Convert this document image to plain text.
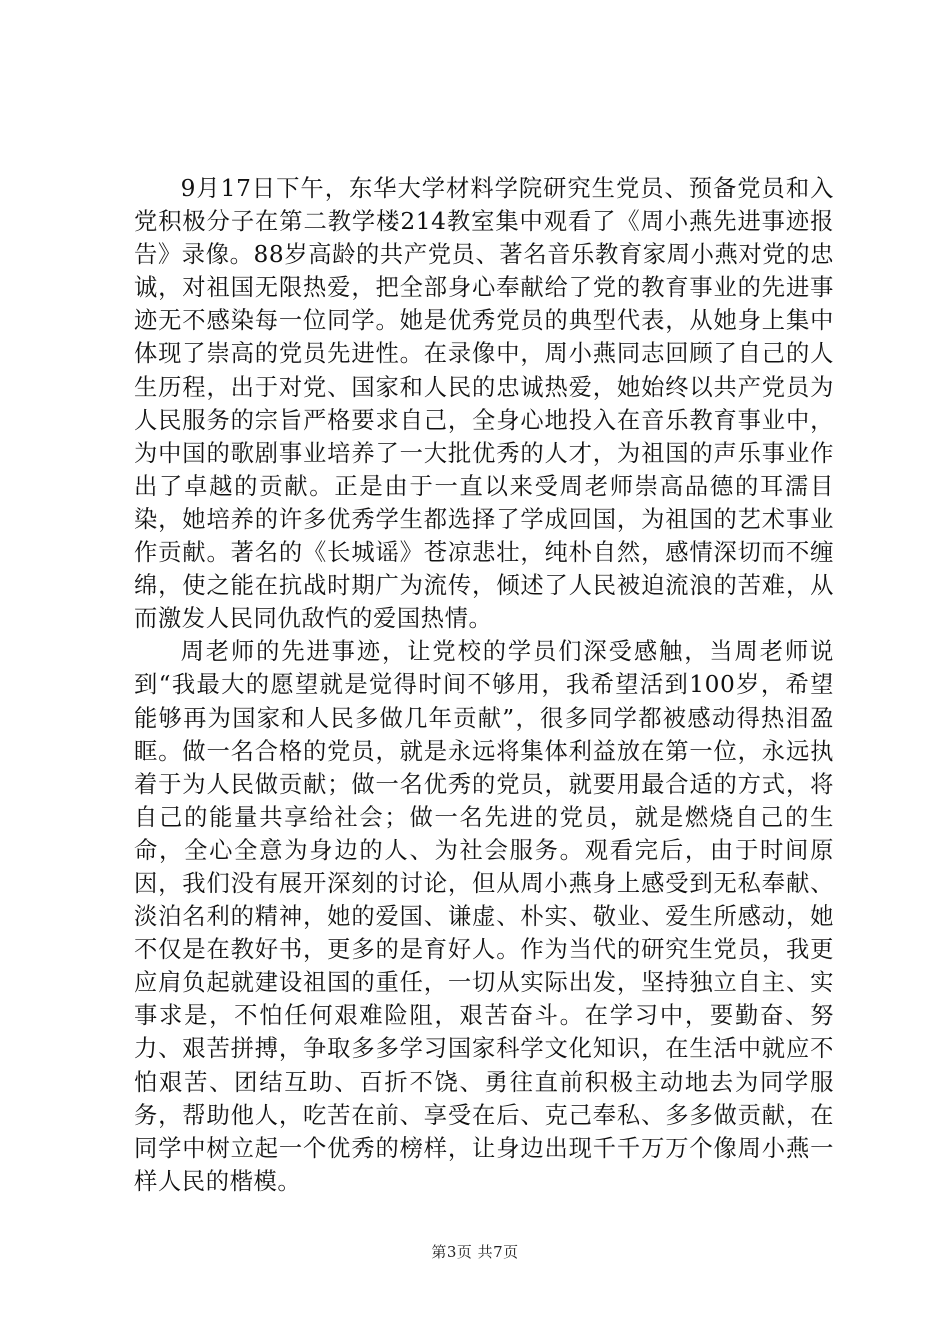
9月17日下午，东华大学材料学院研究生党员、预备党员和入党积极分子在第二教学楼214教室集中观看了《周小燕先进事迹报告》录像。88岁高龄的共产党员、著名音乐教育家周小燕对党的忠诚，对祖国无限热爱，把全部身心奉献给了党的教育事业的先进事迹无不感染每一位同学。她是优秀党员的典型代表，从她身上集中体现了崇高的党员先进性。在录像中，周小燕同志回顾了自己的人生历程，出于对党、国家和人民的忠诚热爱，她始终以共产党员为人民服务的宗旨严格要求自己，全身心地投入在音乐教育事业中，为中国的歌剧事业培养了一大批优秀的人才，为祖国的声乐事业作出了卓越的贡献。正是由于一直以来受周老师崇高品德的耳濡目染，她培养的许多优秀学生都选择了学成回国，为祖国的艺术事业作贡献。著名的《长城谣》苍凉悲壮，纯朴自然，感情深切而不缠绵，使之能在抗战时期广为流传，倾述了人民被迫流浪的苦难，从而激发人民同仇敌忾的爱国热情。

周老师的先进事迹，让党校的学员们深受感触，当周老师说到“我最大的愿望就是觉得时间不够用，我希望活到100岁，希望能够再为国家和人民多做几年贡献”，很多同学都被感动得热泪盈眶。做一名合格的党员，就是永远将集体利益放在第一位，永远执着于为人民做贡献；做一名优秀的党员，就要用最合适的方式，将自己的能量共享给社会；做一名先进的党员，就是燃烧自己的生命，全心全意为身边的人、为社会服务。观看完后，由于时间原因，我们没有展开深刻的讨论，但从周小燕身上感受到无私奉献、淡泊名利的精神，她的爱国、谦虚、朴实、敬业、爱生所感动，她不仅是在教好书，更多的是育好人。作为当代的研究生党员，我更应肩负起就建设祖国的重任，一切从实际出发，坚持独立自主、实事求是，不怕任何艰难险阻，艰苦奋斗。在学习中，要勤奋、努力、艰苦拼搏，争取多多学习国家科学文化知识，在生活中就应不怕艰苦、团结互助、百折不饶、勇往直前积极主动地去为同学服务，帮助他人，吃苦在前、享受在后、克己奉私、多多做贡献，在同学中树立起一个优秀的榜样，让身边出现千千万万个像周小燕一样人民的楷模。

第3页 共7页
